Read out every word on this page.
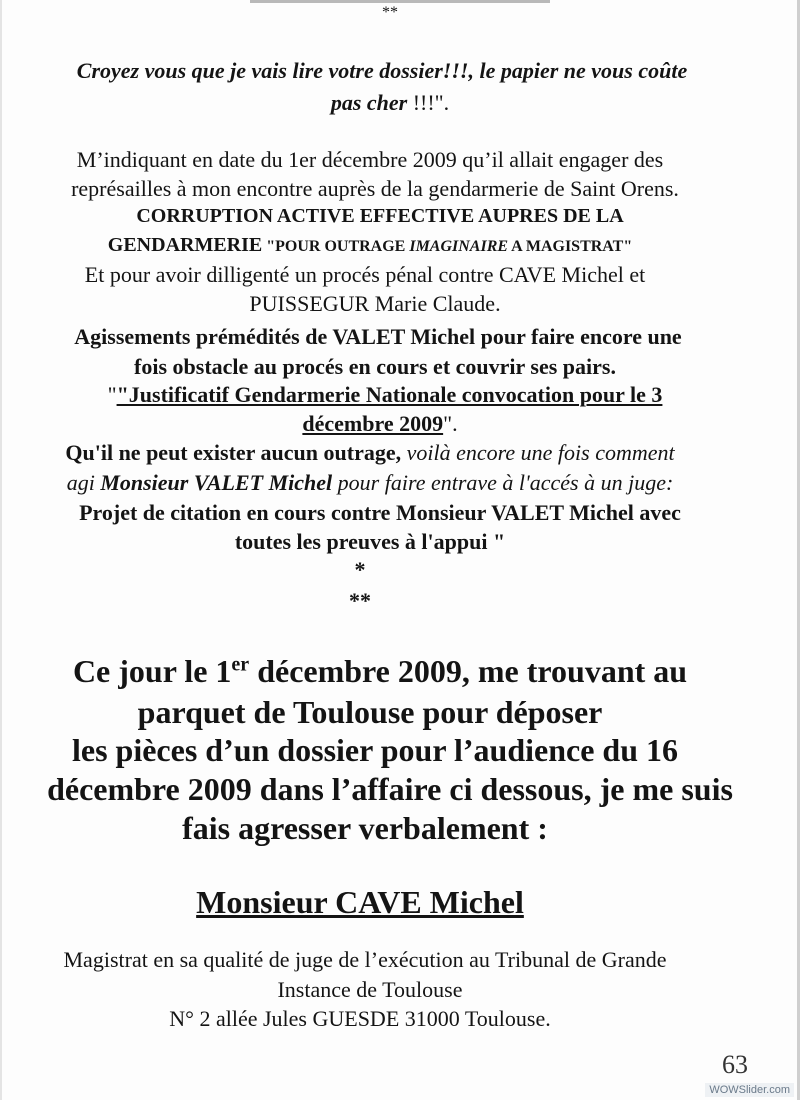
**
Croyez vous que je vais lire votre dossier!!!, le papier ne vous coûte
pas cher !!!".
M’indiquant en date du 1er décembre 2009 qu’il allait engager des
représailles à mon encontre auprès de la gendarmerie de Saint Orens.
CORRUPTION ACTIVE EFFECTIVE AUPRES DE LA
GENDARMERIE "POUR OUTRAGE IMAGINAIRE A MAGISTRAT"
Et pour avoir dilligenté un procés pénal contre CAVE Michel et
PUISSEGUR Marie Claude.
Agissements prémédités de VALET Michel pour faire encore une
fois obstacle au procés en cours et couvrir ses pairs.
""Justificatif Gendarmerie Nationale convocation pour le 3
décembre 2009".
Qu'il ne peut exister aucun outrage, voilà encore une fois comment
agi Monsieur VALET Michel pour faire entrave à l'accés à un juge:
Projet de citation en cours contre Monsieur VALET Michel avec
toutes les preuves à l'appui "
*
**
Ce jour le 1er décembre 2009, me trouvant au
parquet de Toulouse pour déposer
les pièces d’un dossier pour l’audience du 16
décembre 2009 dans l’affaire ci dessous, je me suis
fais agresser verbalement :
Monsieur CAVE Michel
Magistrat en sa qualité de juge de l’exécution au Tribunal de Grande
Instance de Toulouse
N° 2 allée Jules GUESDE 31000 Toulouse.
63
WOWSlider.com
